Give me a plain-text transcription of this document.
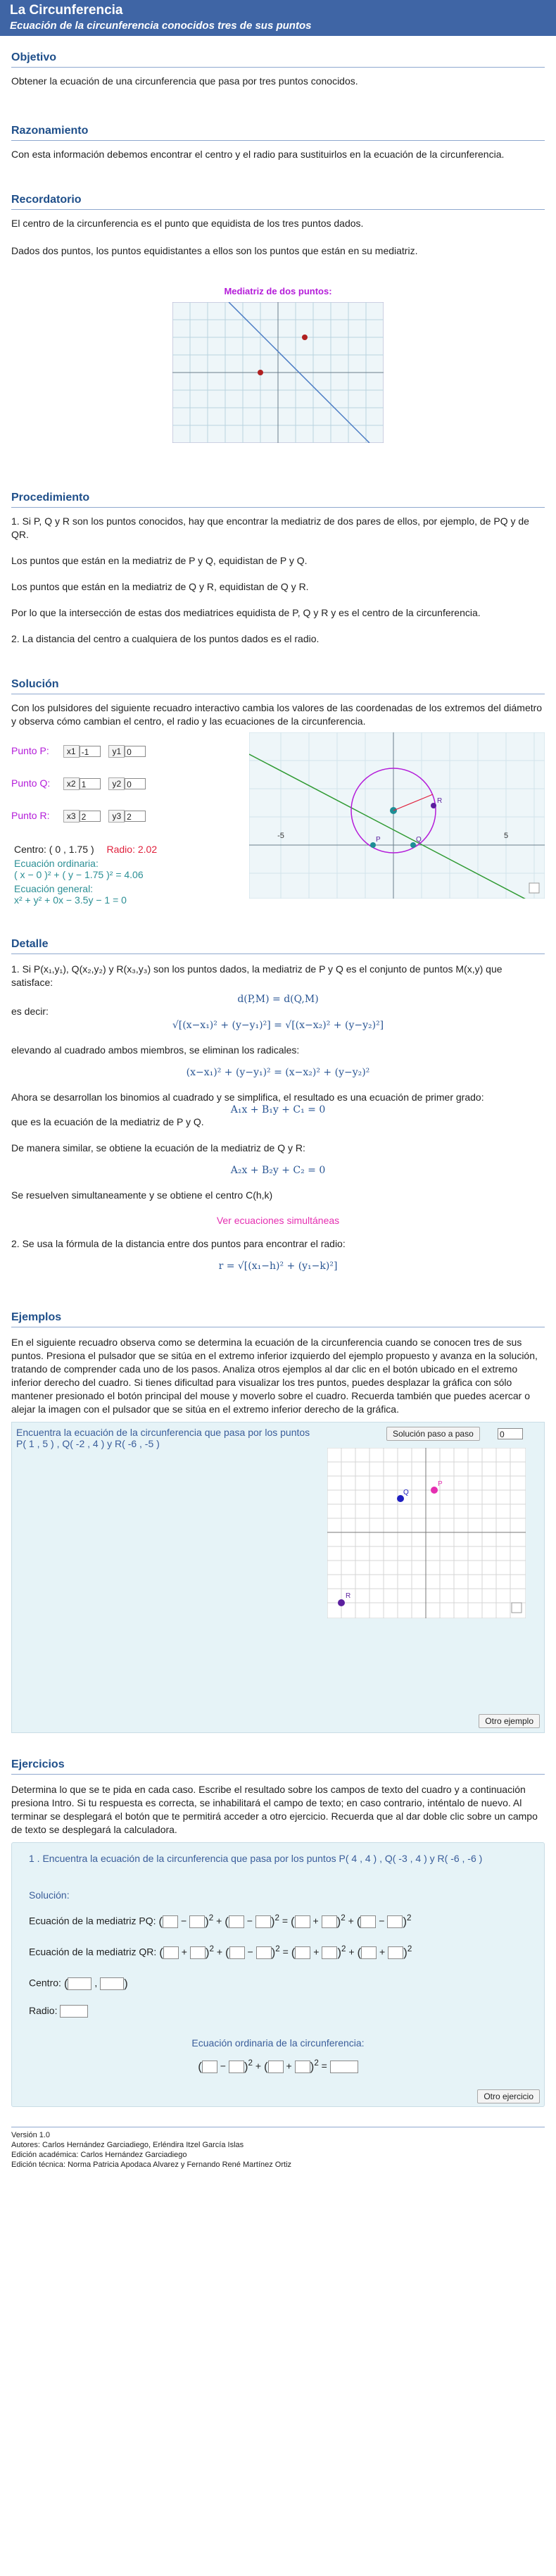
La Circunferencia
Ecuación de la circunferencia conocidos tres de sus puntos
Objetivo

Obtener la ecuación de una circunferencia que pasa por tres puntos conocidos.

Razonamiento

Con esta información debemos encontrar el centro y el radio para sustituirlos en la ecuación de la circunferencia.

Recordatorio

El centro de la circunferencia es el punto que equidista de los tres puntos dados.

Dados dos puntos, los puntos equidistantes a ellos son los puntos que están en su mediatriz.

Mediatriz de dos puntos:
Procedimiento

1. Si P, Q y R son los puntos conocidos, hay que encontrar la mediatriz de dos pares de ellos, por ejemplo, de PQ y de QR.

Los puntos que están en la mediatriz de P y Q, equidistan de P y Q.

Los puntos que están en la mediatriz de Q y R, equidistan de Q y R.

Por lo que la intersección de estas dos mediatrices equidista de P, Q y R y es el centro de la circunferencia.

2. La distancia del centro a cualquiera de los puntos dados es el radio.

Solución

Con los pulsidores del siguiente recuadro interactivo cambia los valores de las coordenadas de los extremos del diámetro y observa cómo cambian el centro, el radio y las ecuaciones de la circunferencia.

Punto P: x1 -1	y1 0
Punto Q: x2 1	y2 0
Punto R: x3 2	y3 2
Centro: ( 0 , 1.75 ) Radio: 2.02
Ecuación ordinaria:
( x − 0 )² + ( y − 1.75 )² = 4.06
Ecuación general:
x² + y² + 0x − 3.5y − 1 = 0
-5	5
P	Q
R
Detalle

1. Si P(x₁,y₁), Q(x₂,y₂) y R(x₃,y₃) son los puntos dados, la mediatriz de P y Q es el conjunto de puntos M(x,y) que satisface:

d(P,M) = d(Q,M)

es decir:

√[(x−x₁)² + (y−y₁)²] = √[(x−x₂)² + (y−y₂)²]

elevando al cuadrado ambos miembros, se eliminan los radicales:

(x−x₁)² + (y−y₁)² = (x−x₂)² + (y−y₂)²

Ahora se desarrollan los binomios al cuadrado y se simplifica, el resultado es una ecuación de primer grado:

A₁x + B₁y + C₁ = 0

que es la ecuación de la mediatriz de P y Q.

De manera similar, se obtiene la ecuación de la mediatriz de Q y R:

A₂x + B₂y + C₂ = 0

Se resuelven simultaneamente y se obtiene el centro C(h,k)

Ver ecuaciones simultáneas

2. Se usa la fórmula de la distancia entre dos puntos para encontrar el radio:

r = √[(x₁−h)² + (y₁−k)²]
Ejemplos

En el siguiente recuadro observa como se determina la ecuación de la circunferencia cuando se conocen tres de sus puntos. Presiona el pulsador que se sitúa en el extremo inferior izquierdo del ejemplo propuesto y avanza en la solución, tratando de comprender cada uno de los pasos. Analiza otros ejemplos al dar clic en el botón ubicado en el extremo inferior derecho del cuadro. Si tienes dificultad para visualizar los tres puntos, puedes desplazar la gráfica con sólo mantener presionado el botón principal del mouse y moverlo sobre el cuadro. Recuerda también que puedes acercar o alejar la imagen con el pulsador que se sitúa en el extremo inferior derecho de la gráfica.

Encuentra la ecuación de la circunferencia que pasa por los puntos P( 1 , 5 ) , Q( -2 , 4 ) y R( -6 , -5 )
Solución paso a paso	0
P
Q
R
Otro ejemplo
Ejercicios

Determina lo que se te pida en cada caso. Escribe el resultado sobre los campos de texto del cuadro y a continuación presiona Intro. Si tu respuesta es correcta, se inhabilitará el campo de texto; en caso contrario, inténtalo de nuevo. Al terminar se desplegará el botón que te permitirá acceder a otro ejercicio. Recuerda que al dar doble clic sobre un campo de texto se desplegará la calculadora.

1 . Encuentra la ecuación de la circunferencia que pasa por los puntos P( 4 , 4 ) , Q( -3 , 4 ) y R( -6 , -6 )
Solución:
Ecuación de la mediatriz PQ: ( − )$^2$ + ( − )$^2$ = ( + )$^2$ + ( − )$^2$
Ecuación de la mediatriz QR: ( + )$^2$ + ( − )$^2$ = ( + )$^2$ + ( + )$^2$
Centro: ( , )
Radio:
Ecuación ordinaria de la circunferencia:
( − )$^2$ + ( + )$^2$ =
Otro ejercicio
Versión 1.0
Autores: Carlos Hernández Garciadiego, Erléndira Itzel García Islas
Edición académica: Carlos Hernández Garciadiego
Edición técnica: Norma Patricia Apodaca Alvarez y Fernando René Martínez Ortiz
